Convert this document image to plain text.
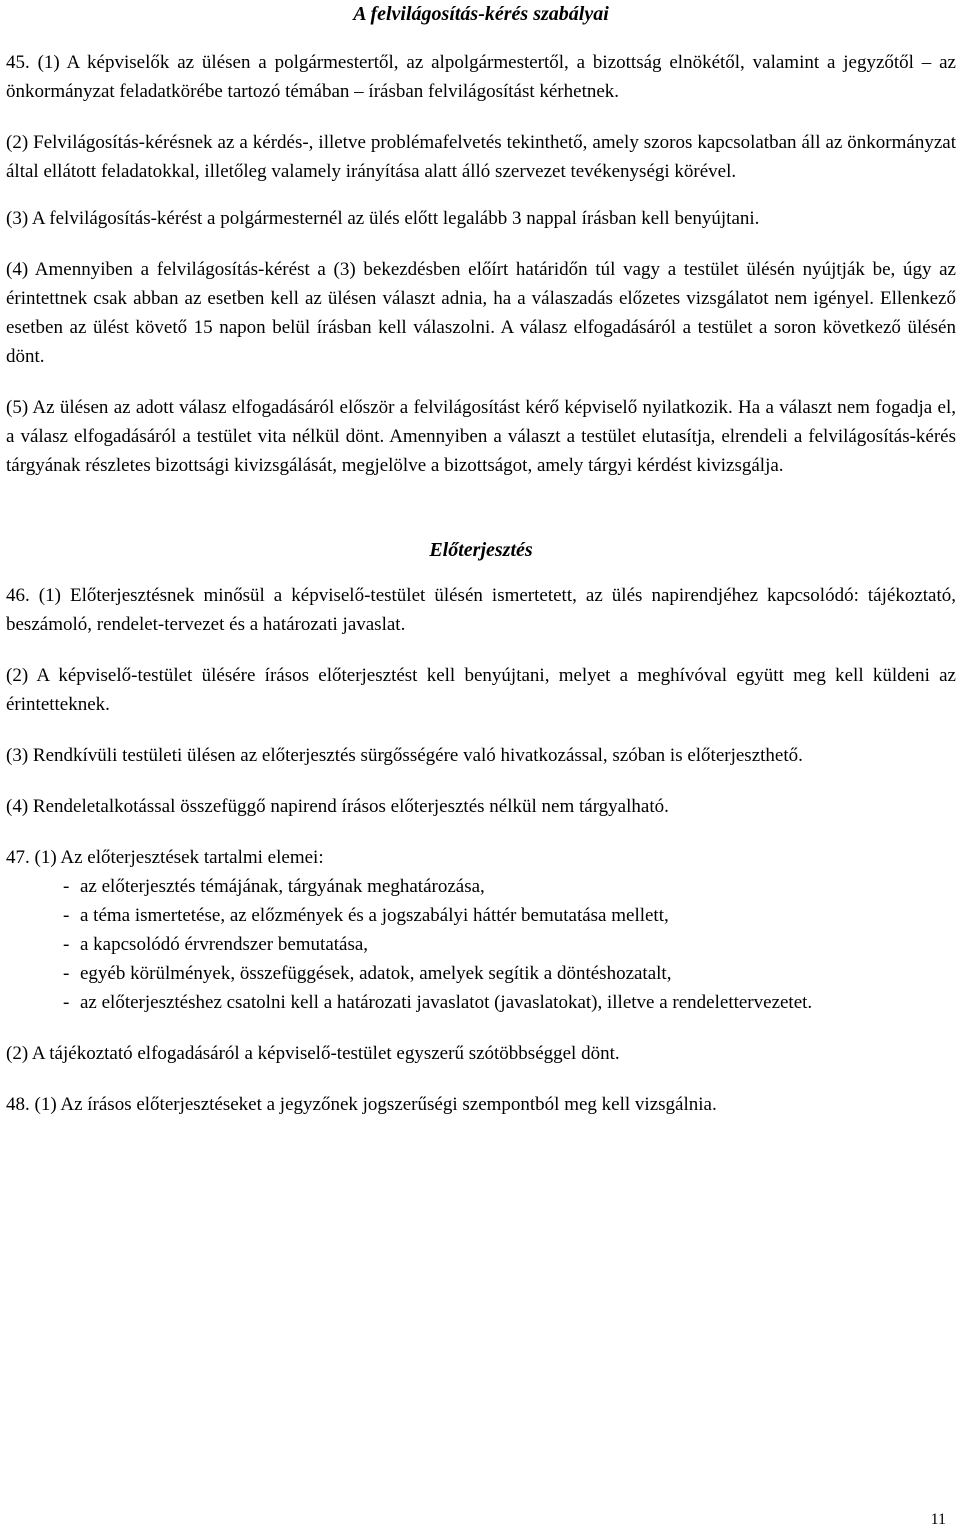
A felvilágosítás-kérés szabályai

45. (1) A képviselők az ülésen a polgármestertől, az alpolgármestertől, a bizottság elnökétől, valamint a jegyzőtől – az önkormányzat feladatkörébe tartozó témában – írásban felvilágosítást kérhetnek.

(2) Felvilágosítás-kérésnek az a kérdés-, illetve problémafelvetés tekinthető, amely szoros kapcsolatban áll az önkormányzat által ellátott feladatokkal, illetőleg valamely irányítása alatt álló szervezet tevékenységi körével.

(3) A felvilágosítás-kérést a polgármesternél az ülés előtt legalább 3 nappal írásban kell benyújtani.

(4) Amennyiben a felvilágosítás-kérést a (3) bekezdésben előírt határidőn túl vagy a testület ülésén nyújtják be, úgy az érintettnek csak abban az esetben kell az ülésen választ adnia, ha a válaszadás előzetes vizsgálatot nem igényel. Ellenkező esetben az ülést követő 15 napon belül írásban kell válaszolni. A válasz elfogadásáról a testület a soron következő ülésén dönt.

(5) Az ülésen az adott válasz elfogadásáról először a felvilágosítást kérő képviselő nyilatkozik. Ha a választ nem fogadja el, a válasz elfogadásáról a testület vita nélkül dönt. Amennyiben a választ a testület elutasítja, elrendeli a felvilágosítás-kérés tárgyának részletes bizottsági kivizsgálását, megjelölve a bizottságot, amely tárgyi kérdést kivizsgálja.

Előterjesztés

46. (1) Előterjesztésnek minősül a képviselő-testület ülésén ismertetett, az ülés napirendjéhez kapcsolódó: tájékoztató, beszámoló, rendelet-tervezet és a határozati javaslat.

(2) A képviselő-testület ülésére írásos előterjesztést kell benyújtani, melyet a meghívóval együtt meg kell küldeni az érintetteknek.

(3) Rendkívüli testületi ülésen az előterjesztés sürgősségére való hivatkozással, szóban is előterjeszthető.

(4) Rendeletalkotással összefüggő napirend írásos előterjesztés nélkül nem tárgyalható.

47. (1) Az előterjesztések tartalmi elemei:

- az előterjesztés témájának, tárgyának meghatározása,
- a téma ismertetése, az előzmények és a jogszabályi háttér bemutatása mellett,
- a kapcsolódó érvrendszer bemutatása,
- egyéb körülmények, összefüggések, adatok, amelyek segítik a döntéshozatalt,
- az előterjesztéshez csatolni kell a határozati javaslatot (javaslatokat), illetve a rendelettervezetet.

(2) A tájékoztató elfogadásáról a képviselő-testület egyszerű szótöbbséggel dönt.

48. (1) Az írásos előterjesztéseket a jegyzőnek jogszerűségi szempontból meg kell vizsgálnia.

11
